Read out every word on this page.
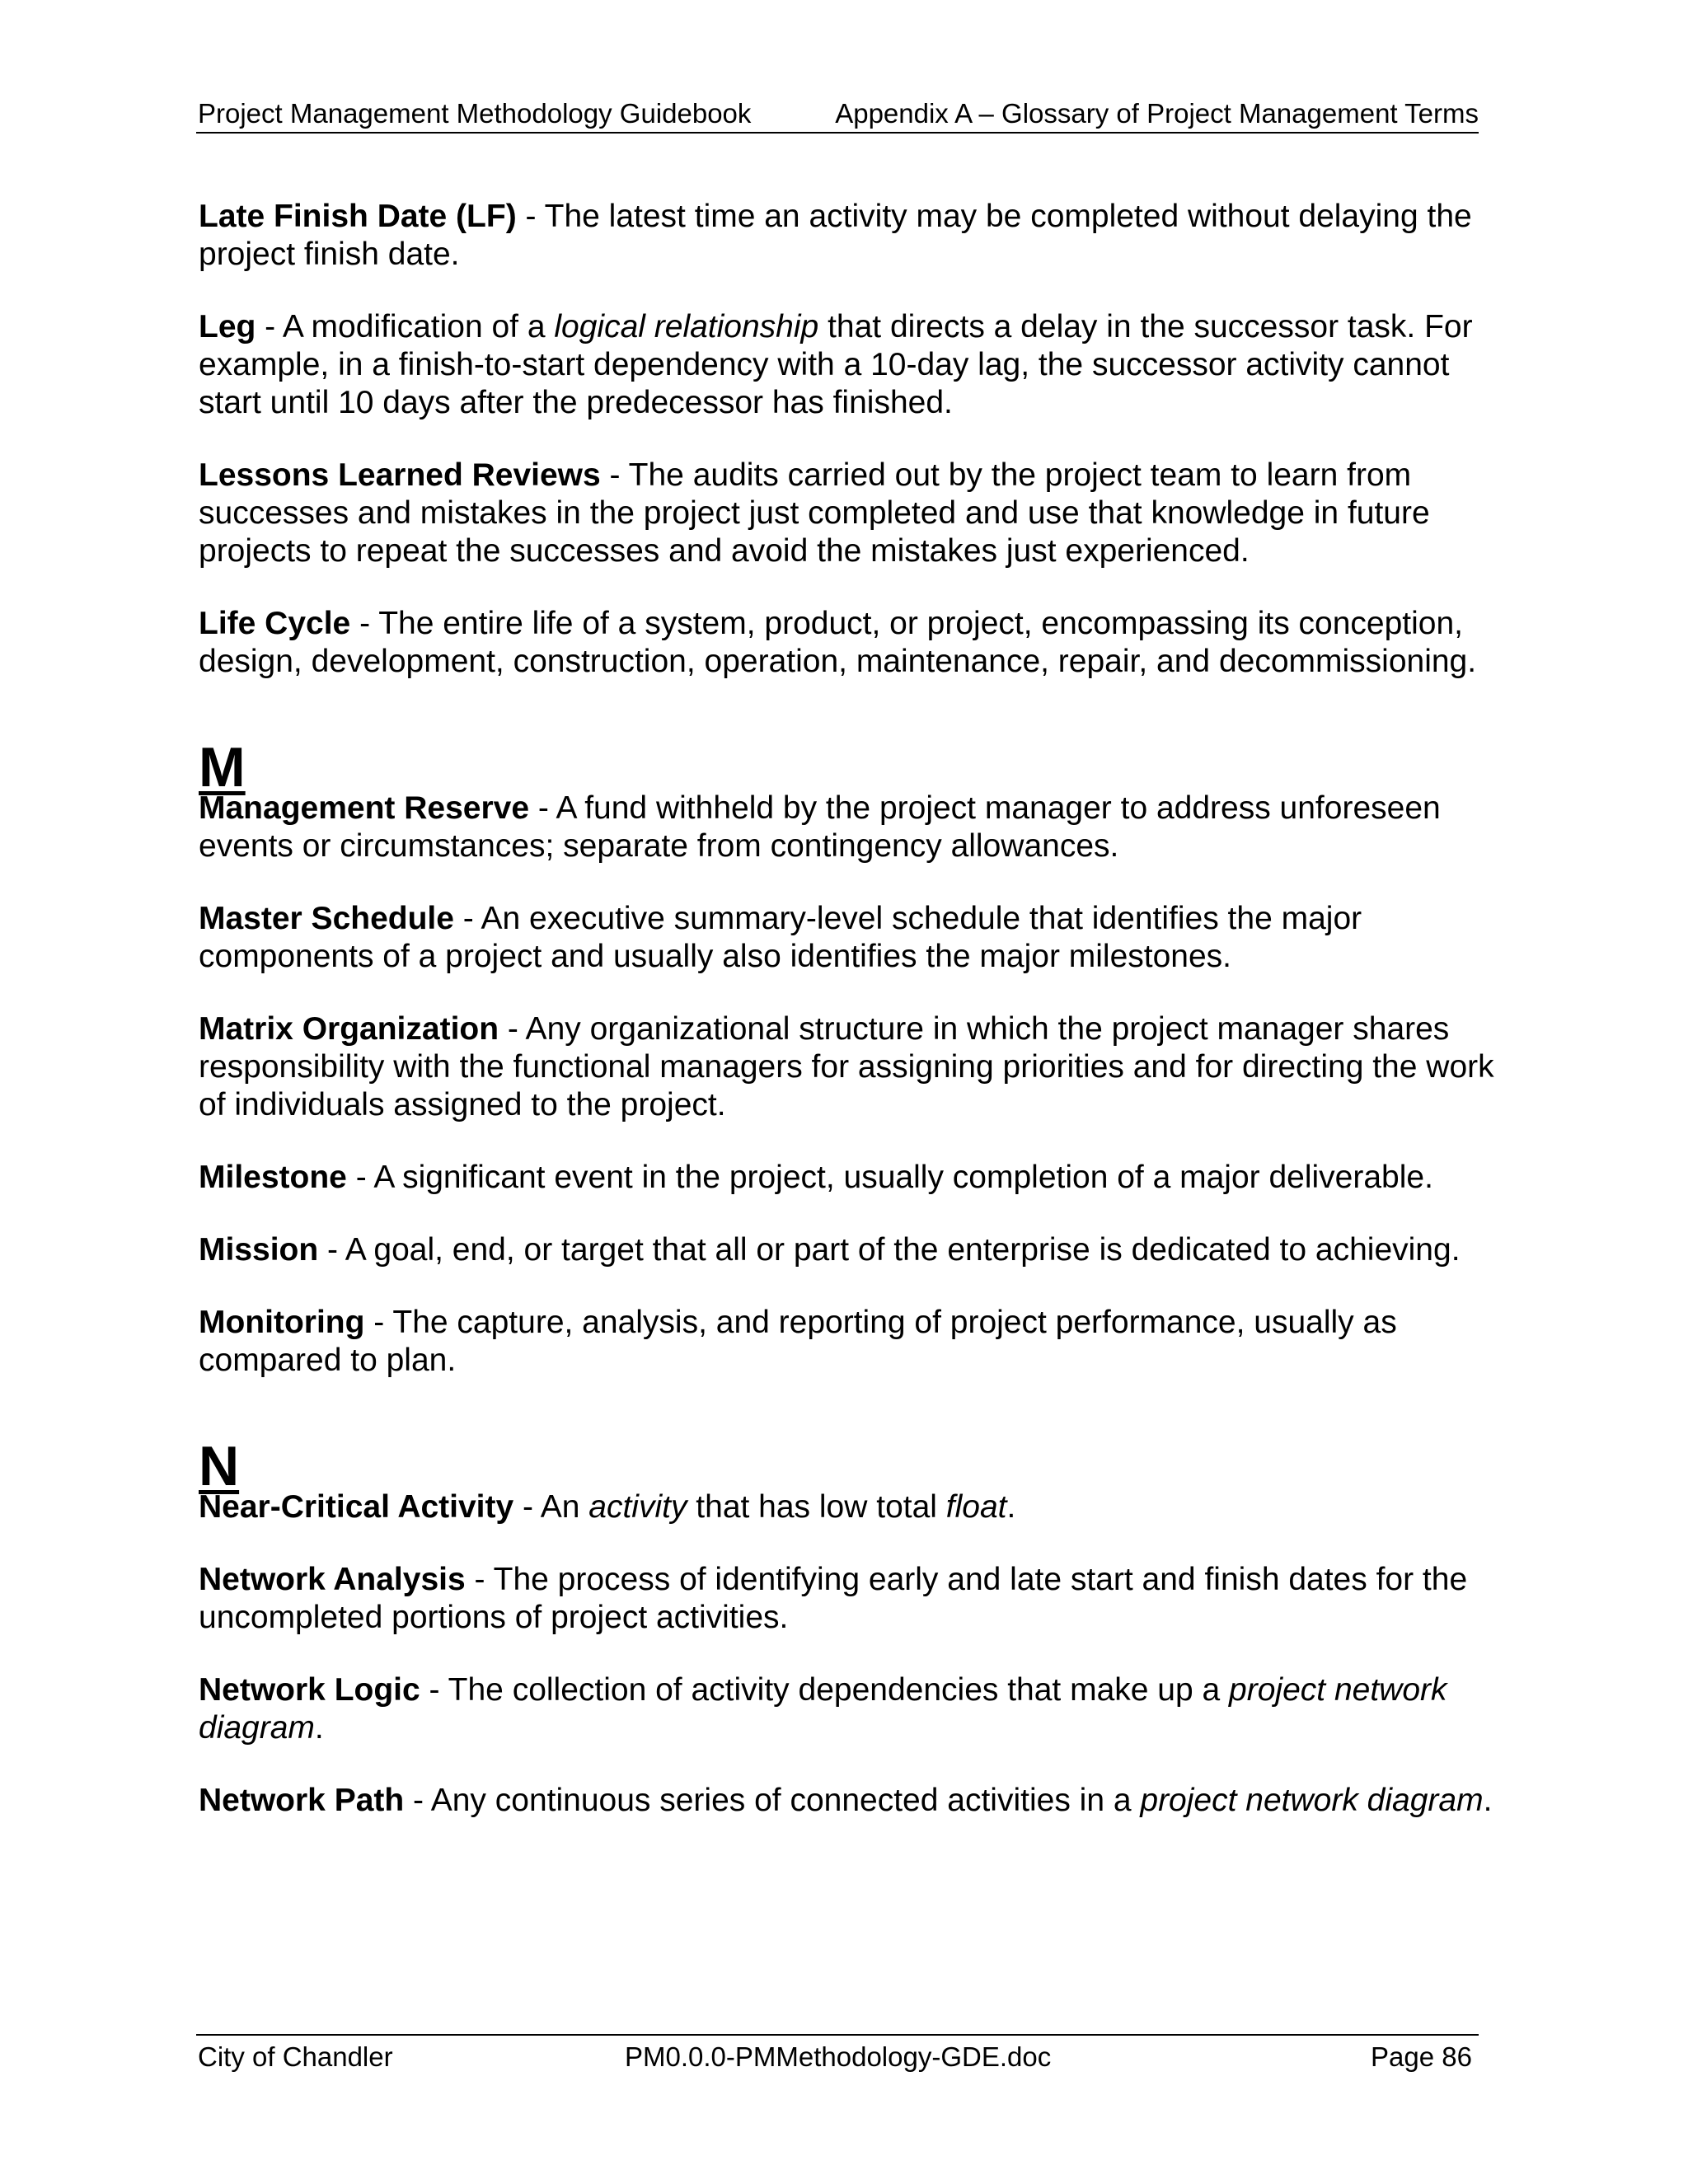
Project Management Methodology Guidebook	Appendix A – Glossary of Project Management Terms

Late Finish Date (LF) - The latest time an activity may be completed without delaying the project finish date.

Leg - A modification of a logical relationship that directs a delay in the successor task. For example, in a finish-to-start dependency with a 10-day lag, the successor activity cannot start until 10 days after the predecessor has finished.

Lessons Learned Reviews - The audits carried out by the project team to learn from successes and mistakes in the project just completed and use that knowledge in future projects to repeat the successes and avoid the mistakes just experienced.

Life Cycle - The entire life of a system, product, or project, encompassing its conception, design, development, construction, operation, maintenance, repair, and decommissioning.

M

Management Reserve - A fund withheld by the project manager to address unforeseen events or circumstances; separate from contingency allowances.

Master Schedule - An executive summary-level schedule that identifies the major components of a project and usually also identifies the major milestones.

Matrix Organization - Any organizational structure in which the project manager shares responsibility with the functional managers for assigning priorities and for directing the work of individuals assigned to the project.

Milestone - A significant event in the project, usually completion of a major deliverable.

Mission - A goal, end, or target that all or part of the enterprise is dedicated to achieving.

Monitoring - The capture, analysis, and reporting of project performance, usually as compared to plan.

N

Near-Critical Activity - An activity that has low total float.

Network Analysis - The process of identifying early and late start and finish dates for the uncompleted portions of project activities.

Network Logic - The collection of activity dependencies that make up a project network diagram.

Network Path - Any continuous series of connected activities in a project network diagram.

City of Chandler	PM0.0.0-PMMethodology-GDE.doc	Page 86
